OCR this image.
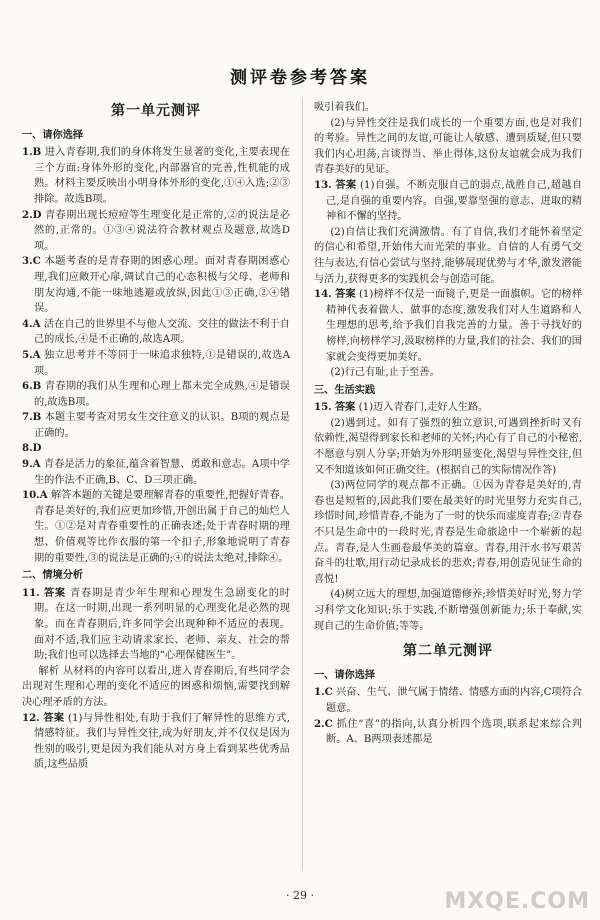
测评卷参考答案
第一单元测评
一、请你选择

1.B 进入青春期,我们的身体将发生显著的变化,主要表现在三个方面:身体外形的变化,内部器官的完善,性机能的成熟。材料主要反映出小明身体外形的变化,①④入选;②③排除。故选B项。

2.D 青春期出现长痘痘等生理变化是正常的,②的说法是必然的,正常的。①③④说法符合教材观点及题意,故选D项。

3.C 本题考查的是青春期的困惑心理。面对青春期困惑心理,我们应敞开心扉,调试自己的心态积极与父母、老师和朋友沟通,不能一味地逃避或放纵,因此①③正确,②④错误。

4.A 活在自己的世界里不与他人交流、交往的做法不利于自己的成长,④是不正确的,故选A项。

5.A 独立思考并不等同于一味追求独特,①是错误的,故选A项。

6.B 青春期的我们从生理和心理上都未完全成熟,④是错误的,故选B项。

7.B 本题主要考查对男女生交往意义的认识。B项的观点是正确的。

8.D

9.A 青春是活力的象征,蕴含着智慧、勇敢和意志。A项中学生的作法不正确,B、C、D三项正确。

10.A 解答本题的关键是要理解青春的重要性,把握好青春。青春是美好的,我们应更加珍惜,开创出属于自己的灿烂人生。①②是对青春重要性的正确表述;处于青春时期的理想、价值观等比作衣服的第一个扣子,形象地说明了青春期的重要性,③的说法是正确的;④的说法太绝对,排除④。

二、情境分析

11. 答案 青春期是青少年生理和心理发生急剧变化的时期。在这一时期,出现一系列明显的心理变化是必然的现象。而在青春期后,许多同学会出现种种不适应的表现。面对不适,我们应主动请求家长、老师、亲友、社会的帮助;我们也可以选择去当地的“心理保健医生”。

解析 从材料的内容可以看出,进入青春期后,有些同学会出现对生理和心理的变化不适应的困惑和烦恼,需要找到解决心理矛盾的方法。

12. 答案 (1)与异性相处,有助于我们了解异性的思维方式,情感特征。我们与异性交往,成为好朋友,并不仅仅是因为性别的吸引,更是因为我们能从对方身上看到某些优秀品质,这些品质

吸引着我们。

(2)与异性交往是我们成长的一个重要方面,也是对我们的考验。异性之间的友谊,可能让人敏感、遭到质疑,但只要我们内心坦荡,言谈得当、举止得体,这份友谊就会成为我们青春美好的见证。

13. 答案 (1)自强。不断克服自己的弱点,战胜自己,超越自己,是自强的重要内容。自强,要靠坚强的意志、进取的精神和不懈的坚持。

(2)自信让我们充满激情。有了自信,我们才能怀着坚定的信心和希望,开始伟大而光荣的事业。自信的人有勇气交往与表达,有信心尝试与坚持,能够展现优势与才华,激发潜能与活力,获得更多的实践机会与创造可能。

14. 答案 (1)榜样不仅是一面镜子,更是一面旗帜。它的榜样精神代表着做人、做事的态度,激发我们对人生道路和人生理想的思考,给予我们自我完善的力量。善于寻找好的榜样,向榜样学习,汲取榜样的力量,我们的社会、我们的国家就会变得更加美好。

(2)行己有耻,止于至善。

三、生活实践

15. 答案 (1)迈入青春门,走好人生路。

(2)遇到过。如有了强烈的独立意识,可遇到挫折时又有依赖性,渴望得到家长和老师的关怀;内心有了自己的小秘密,不愿意与别人分享;开始为外形明显变化,渴望与异性交往,但又不知道该如何正确交往。(根据自己的实际情况作答)

(3)两位同学的观点都不正确。①因为青春是美好的,青春也是短暂的,因此我们要在最美好的时光里努力充实自己,珍惜时间,珍惜青春,不能为了一时的快乐而虚度青春;②青春不只是生命中的一段时光,青春是生命旅途中一个崭新的起点。青春,是人生画卷最华美的篇章。青春,用汗水书写艰苦奋斗的壮歌,用行动记录成长的悲欢;青春,用创造见证生命的喜悦!

(4)树立远大的理想,加强道德修养;珍惜美好时光,努力学习科学文化知识;乐于实践,不断增强创新能力;乐于奉献,实现自己的生命价值;等等。

第二单元测评
一、请你选择

1.C 兴奋、生气、泄气属于情绪、情感方面的内容,C项符合题意。

2.C 抓住“喜”的指向,认真分析四个选项,联系起来综合判断。A、B两项表述都是

· 29 ·	MXQE.COM
